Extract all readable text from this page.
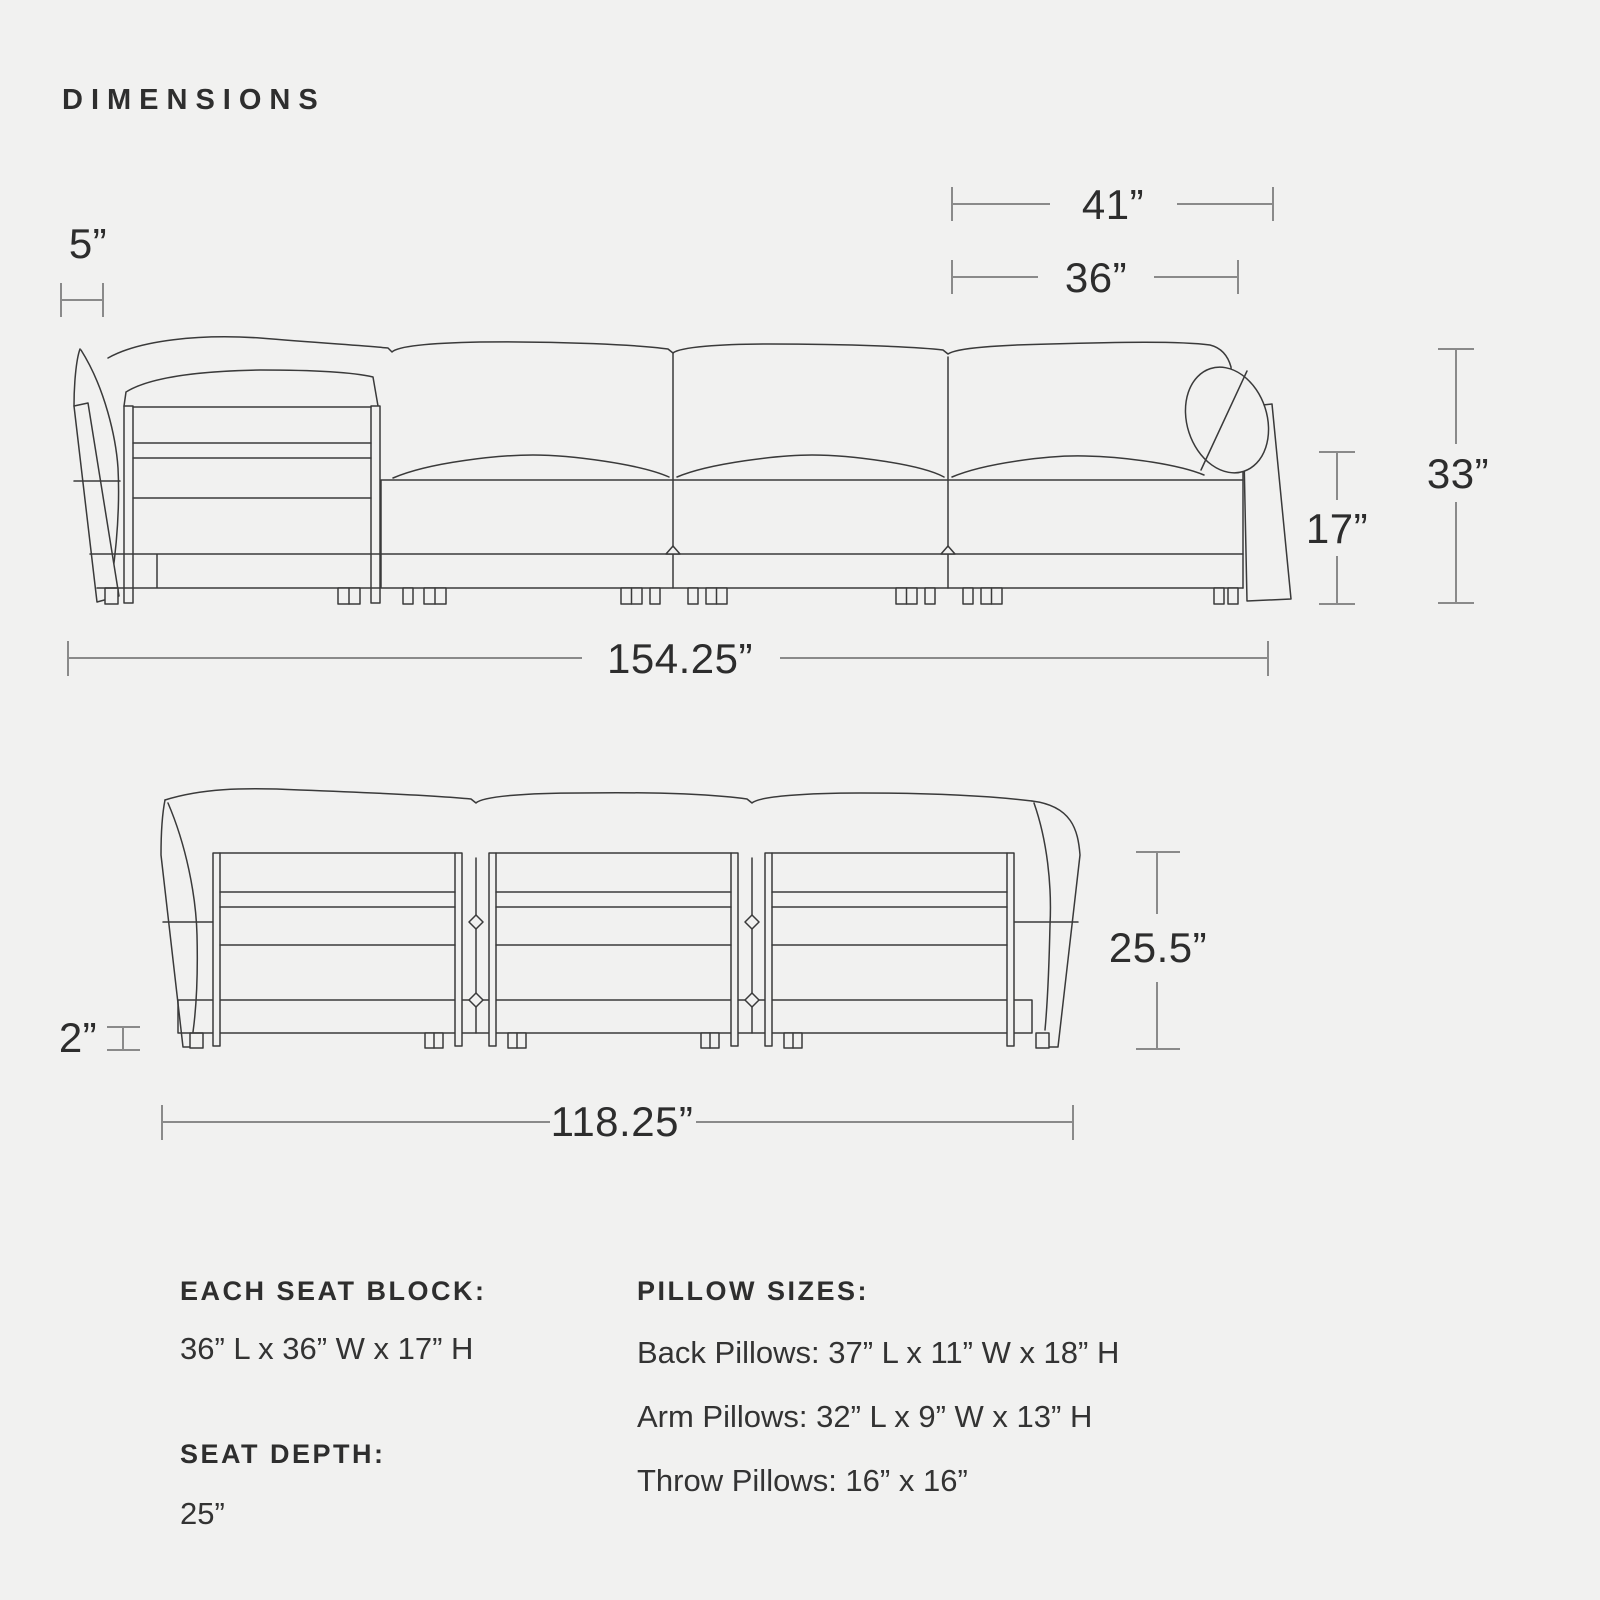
DIMENSIONS
5”
41”
36”
17”
33”
154.25”
2”
25.5”
118.25”

EACH SEAT BLOCK:

36” L x 36” W x 17” H

SEAT DEPTH:

25”

PILLOW SIZES:

Back Pillows: 37” L x 11” W x 18” H

Arm Pillows: 32” L x 9” W x 13” H

Throw Pillows: 16” x 16”
